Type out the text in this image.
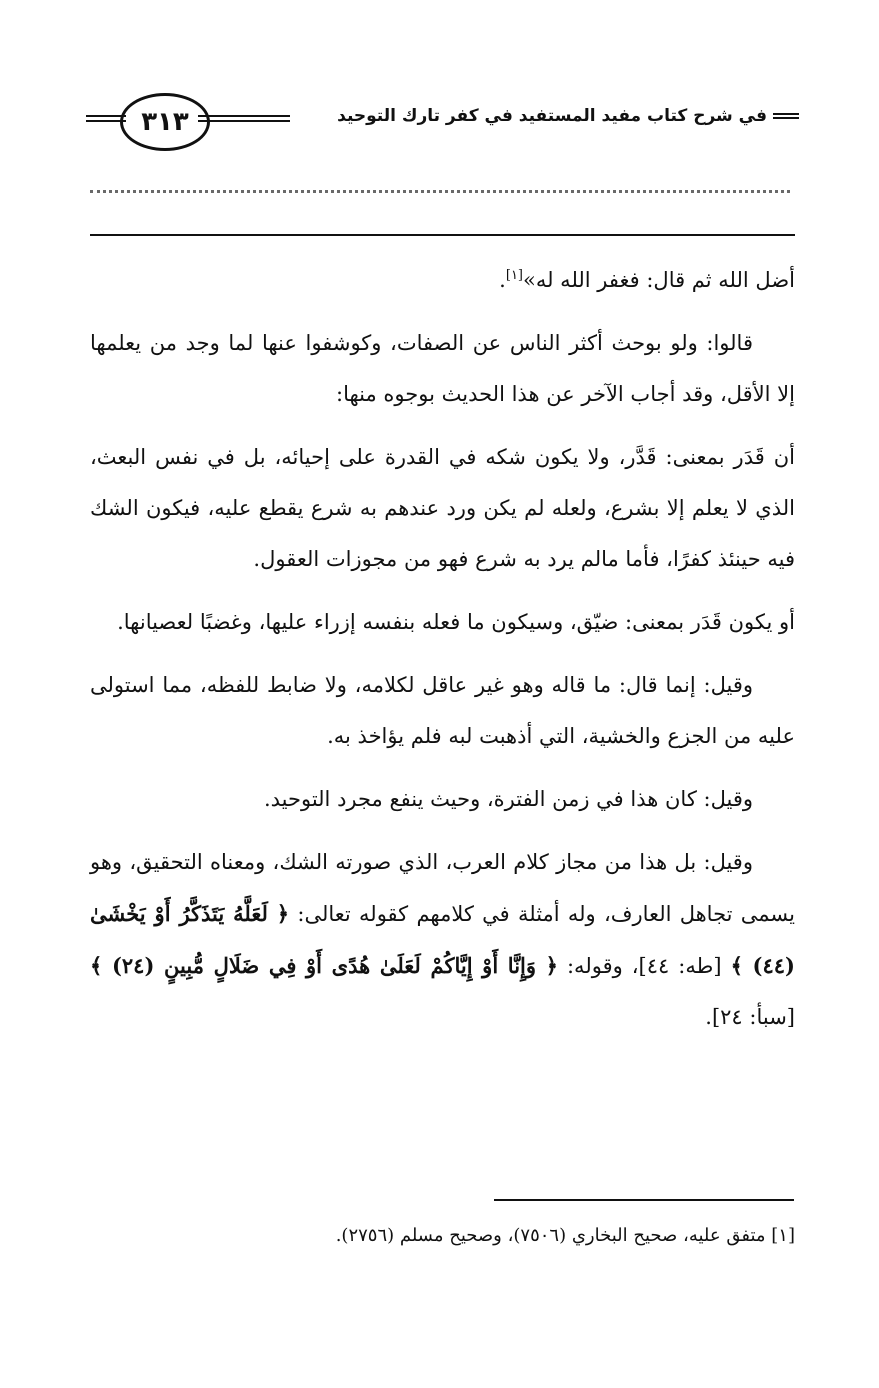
في شرح كتاب مفيد المستفيد في كفر تارك التوحيد
٣١٣

أضل الله ثم قال: فغفر الله له»[١].

قالوا: ولو بوحث أكثر الناس عن الصفات، وكوشفوا عنها لما وجد من يعلمها إلا الأقل، وقد أجاب الآخر عن هذا الحديث بوجوه منها:

أن قَدَر بمعنى: قَدَّر، ولا يكون شكه في القدرة على إحيائه، بل في نفس البعث، الذي لا يعلم إلا بشرع، ولعله لم يكن ورد عندهم به شرع يقطع عليه، فيكون الشك فيه حينئذ كفرًا، فأما مالم يرد به شرع فهو من مجوزات العقول.

أو يكون قَدَر بمعنى: ضيّق، وسيكون ما فعله بنفسه إزراء عليها، وغضبًا لعصيانها.

وقيل: إنما قال: ما قاله وهو غير عاقل لكلامه، ولا ضابط للفظه، مما استولى عليه من الجزع والخشية، التي أذهبت لبه فلم يؤاخذ به.

وقيل: كان هذا في زمن الفترة، وحيث ينفع مجرد التوحيد.

وقيل: بل هذا من مجاز كلام العرب، الذي صورته الشك، ومعناه التحقيق، وهو يسمى تجاهل العارف، وله أمثلة في كلامهم كقوله تعالى: ﴿ لَعَلَّهُ يَتَذَكَّرُ أَوْ يَخْشَىٰ (٤٤) ﴾ [طه: ٤٤]، وقوله: ﴿ وَإِنَّا أَوْ إِيَّاكُمْ لَعَلَىٰ هُدًى أَوْ فِي ضَلَالٍ مُّبِينٍ (٢٤) ﴾ [سبأ: ٢٤].

[١] متفق عليه، صحيح البخاري (٧٥٠٦)، وصحيح مسلم (٢٧٥٦).
